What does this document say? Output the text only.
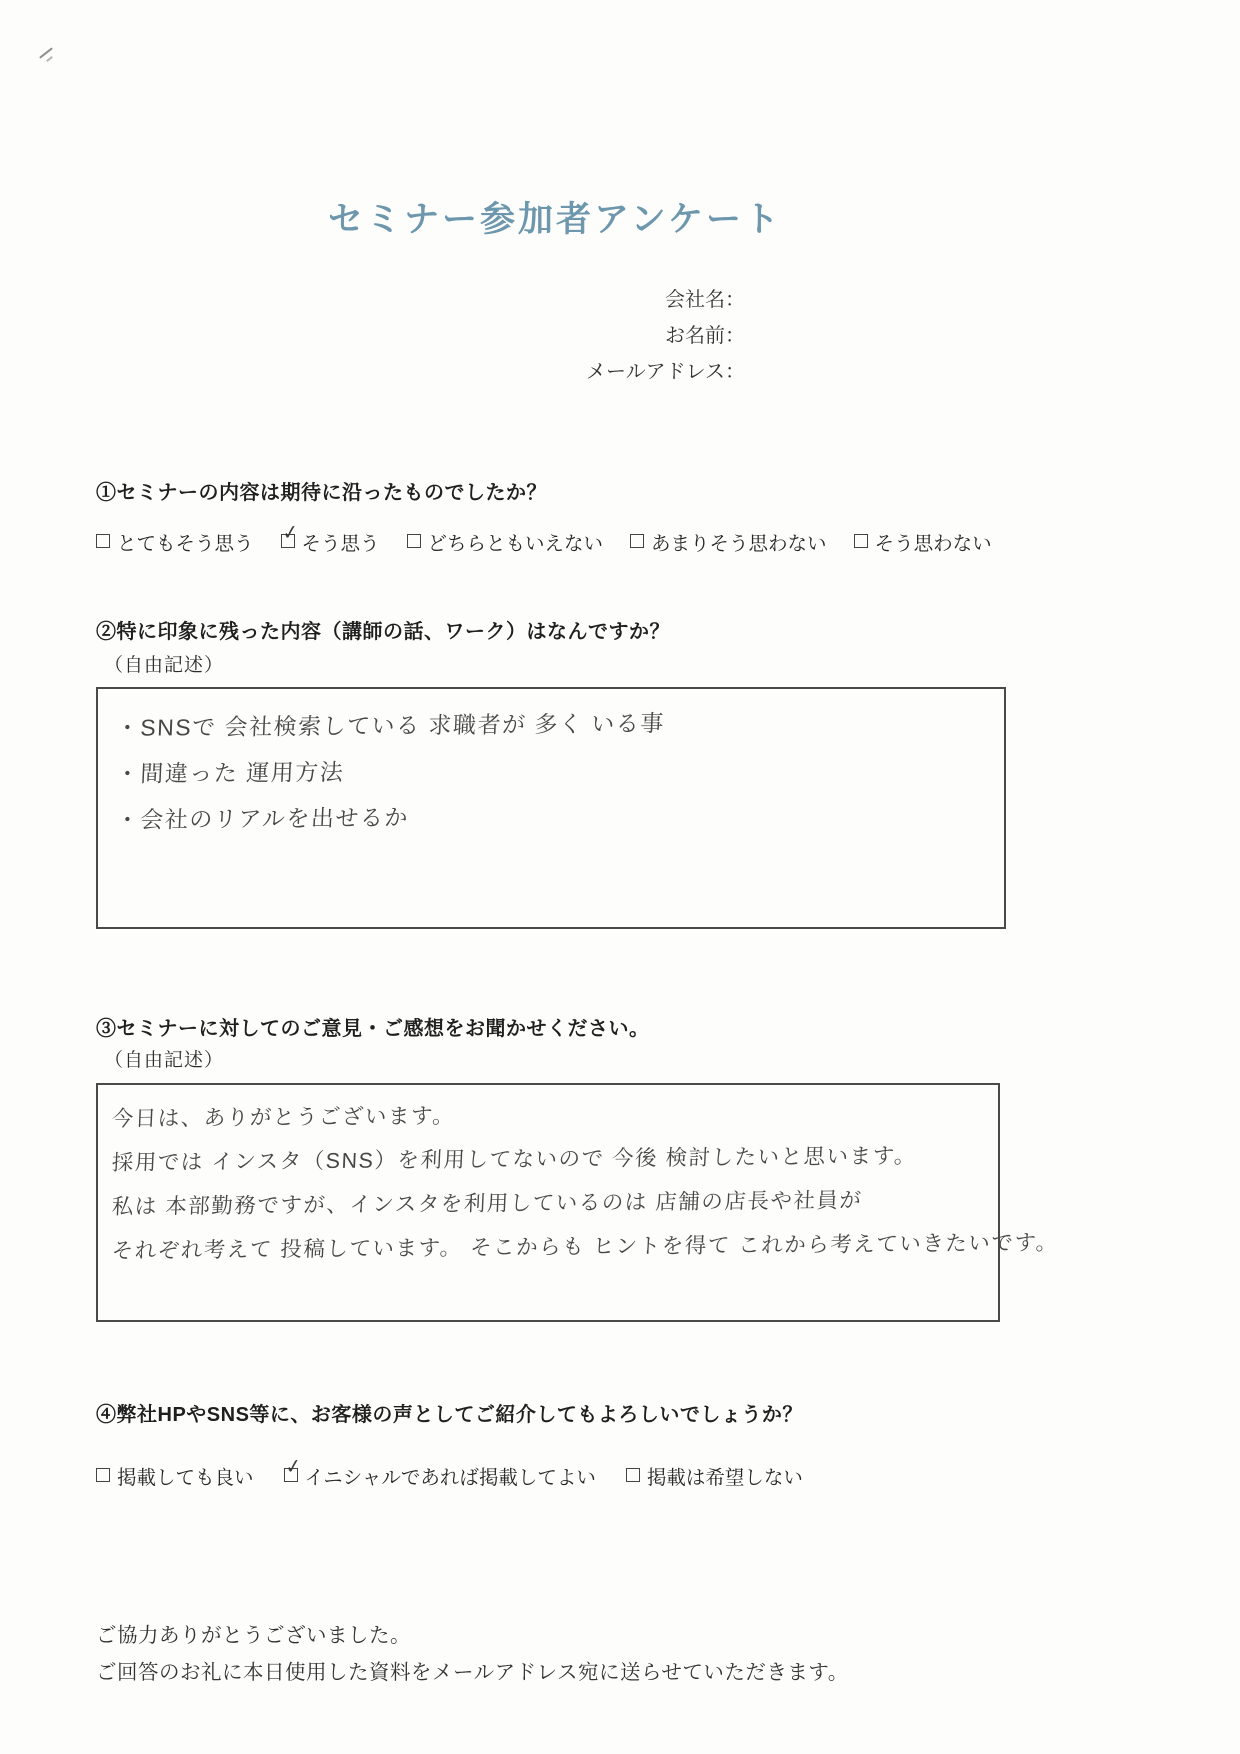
セミナー参加者アンケート
会社名：
お名前：
メールアドレス：
①セミナーの内容は期待に沿ったものでしたか？
とてもそう思う ✓ そう思う どちらともいえない あまりそう思わない そう思わない
②特に印象に残った内容（講師の話、ワーク）はなんですか？
（自由記述）
・SNSで 会社検索している 求職者が 多く いる事
・間違った 運用方法
・会社のリアルを出せるか
③セミナーに対してのご意見・ご感想をお聞かせください。
（自由記述）
今日は、ありがとうございます。
採用では インスタ（SNS）を利用してないので 今後 検討したいと思います。
私は 本部勤務ですが、インスタを利用しているのは 店舗の店長や社員が
それぞれ考えて 投稿しています。 そこからも ヒントを得て これから考えていきたいです。
④弊社HPやSNS等に、お客様の声としてご紹介してもよろしいでしょうか？
掲載しても良い ✓ イニシャルであれば掲載してよい	掲載は希望しない
ご協力ありがとうございました。
ご回答のお礼に本日使用した資料をメールアドレス宛に送らせていただきます。
